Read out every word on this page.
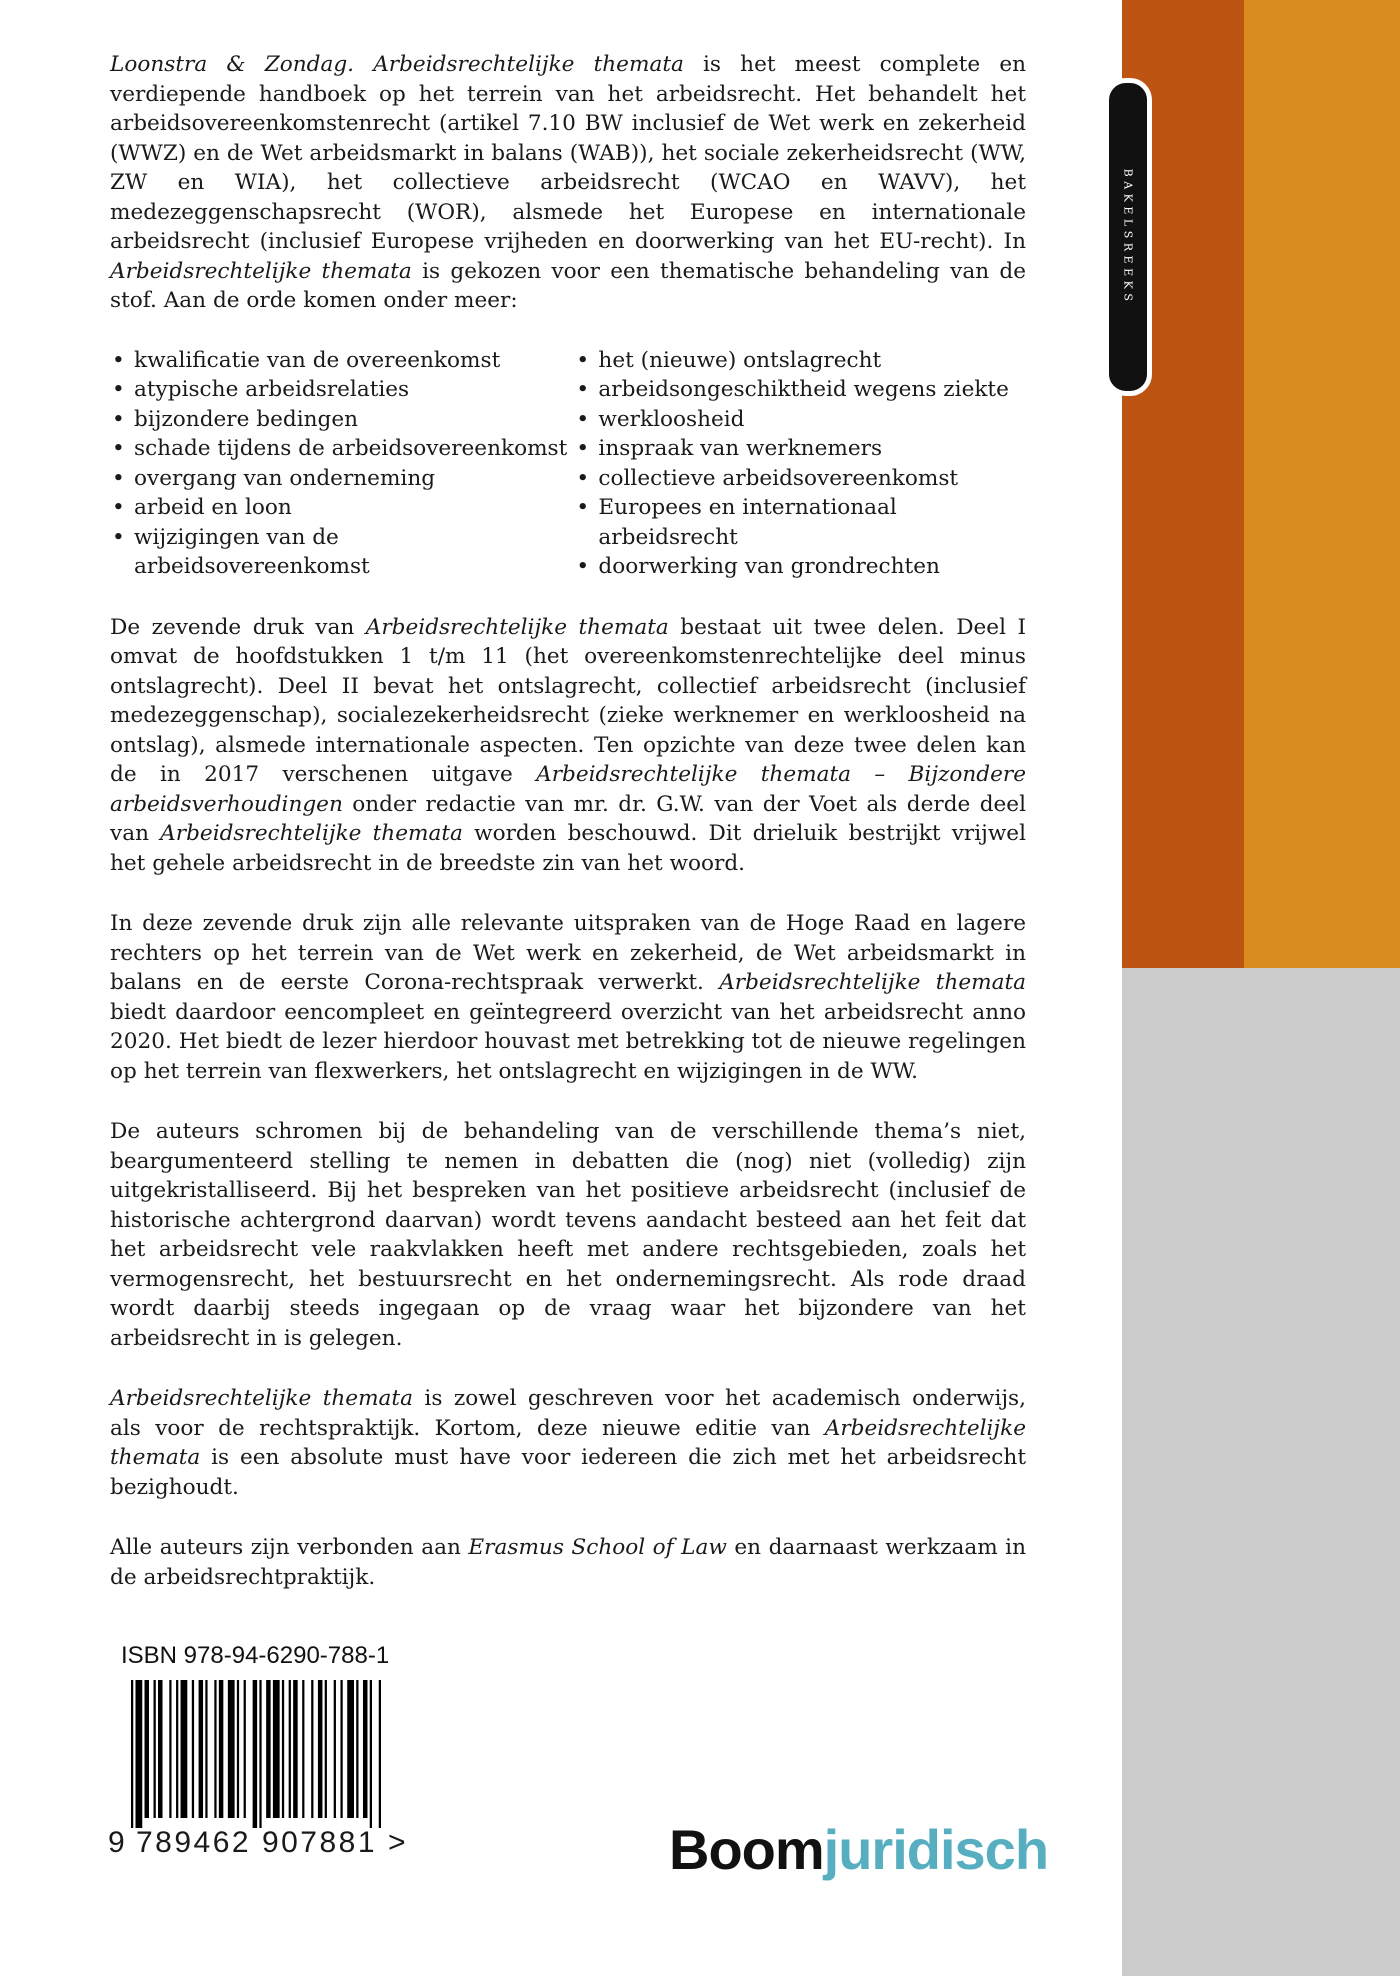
BAKELSREEKS

Loonstra & Zondag. Arbeidsrechtelijke themata is het meest complete en verdiepende handboek op het terrein van het arbeidsrecht. Het behandelt het arbeidsovereenkomstenrecht (artikel 7.10 BW inclusief de Wet werk en zekerheid (WWZ) en de Wet arbeidsmarkt in balans (WAB)), het sociale zekerheidsrecht (WW, ZW en WIA), het collectieve arbeidsrecht (WCAO en WAVV), het medezeggenschapsrecht (WOR), alsmede het Europese en internationale arbeidsrecht (inclusief Europese vrijheden en doorwerking van het EU-recht). In Arbeidsrechtelijke themata is gekozen voor een thematische behandeling van de stof. Aan de orde komen onder meer:

• kwalificatie van de overeenkomst
• atypische arbeidsrelaties
• bijzondere bedingen
• schade tijdens de arbeidsovereenkomst
• overgang van onderneming
• arbeid en loon
• wijzigingen van de arbeidsovereenkomst
• het (nieuwe) ontslagrecht
• arbeidsongeschiktheid wegens ziekte
• werkloosheid
• inspraak van werknemers
• collectieve arbeidsovereenkomst
• Europees en internationaal arbeidsrecht
• doorwerking van grondrechten

De zevende druk van Arbeidsrechtelijke themata bestaat uit twee delen. Deel I omvat de hoofdstukken 1 t/m 11 (het overeenkomstenrechtelijke deel minus ontslagrecht). Deel II bevat het ontslagrecht, collectief arbeidsrecht (inclusief medezeggenschap), socialezekerheidsrecht (zieke werknemer en werkloosheid na ontslag), alsmede internationale aspecten. Ten opzichte van deze twee delen kan de in 2017 verschenen uitgave Arbeidsrechtelijke themata – Bijzondere arbeidsverhoudingen onder redactie van mr. dr. G.W. van der Voet als derde deel van Arbeidsrechtelijke themata worden beschouwd. Dit drieluik bestrijkt vrijwel het gehele arbeidsrecht in de breedste zin van het woord.

In deze zevende druk zijn alle relevante uitspraken van de Hoge Raad en lagere rechters op het terrein van de Wet werk en zekerheid, de Wet arbeidsmarkt in balans en de eerste Corona-rechtspraak verwerkt. Arbeidsrechtelijke themata biedt daardoor eencompleet en geïntegreerd overzicht van het arbeidsrecht anno 2020. Het biedt de lezer hierdoor houvast met betrekking tot de nieuwe regelingen op het terrein van flexwerkers, het ontslagrecht en wijzigingen in de WW.

De auteurs schromen bij de behandeling van de verschillende thema’s niet, beargumenteerd stelling te nemen in debatten die (nog) niet (volledig) zijn uitgekristalliseerd. Bij het bespreken van het positieve arbeidsrecht (inclusief de historische achtergrond daarvan) wordt tevens aandacht besteed aan het feit dat het arbeidsrecht vele raakvlakken heeft met andere rechtsgebieden, zoals het vermogensrecht, het bestuursrecht en het ondernemingsrecht. Als rode draad wordt daarbij steeds ingegaan op de vraag waar het bijzondere van het arbeidsrecht in is gelegen.

Arbeidsrechtelijke themata is zowel geschreven voor het academisch onderwijs, als voor de rechtspraktijk. Kortom, deze nieuwe editie van Arbeidsrechtelijke themata is een absolute must have voor iedereen die zich met het arbeidsrecht bezighoudt.

Alle auteurs zijn verbonden aan Erasmus School of Law en daarnaast werkzaam in de arbeidsrechtpraktijk.

ISBN 978-94-6290-788-1
9 789462 907881 >	Boomjuridisch
